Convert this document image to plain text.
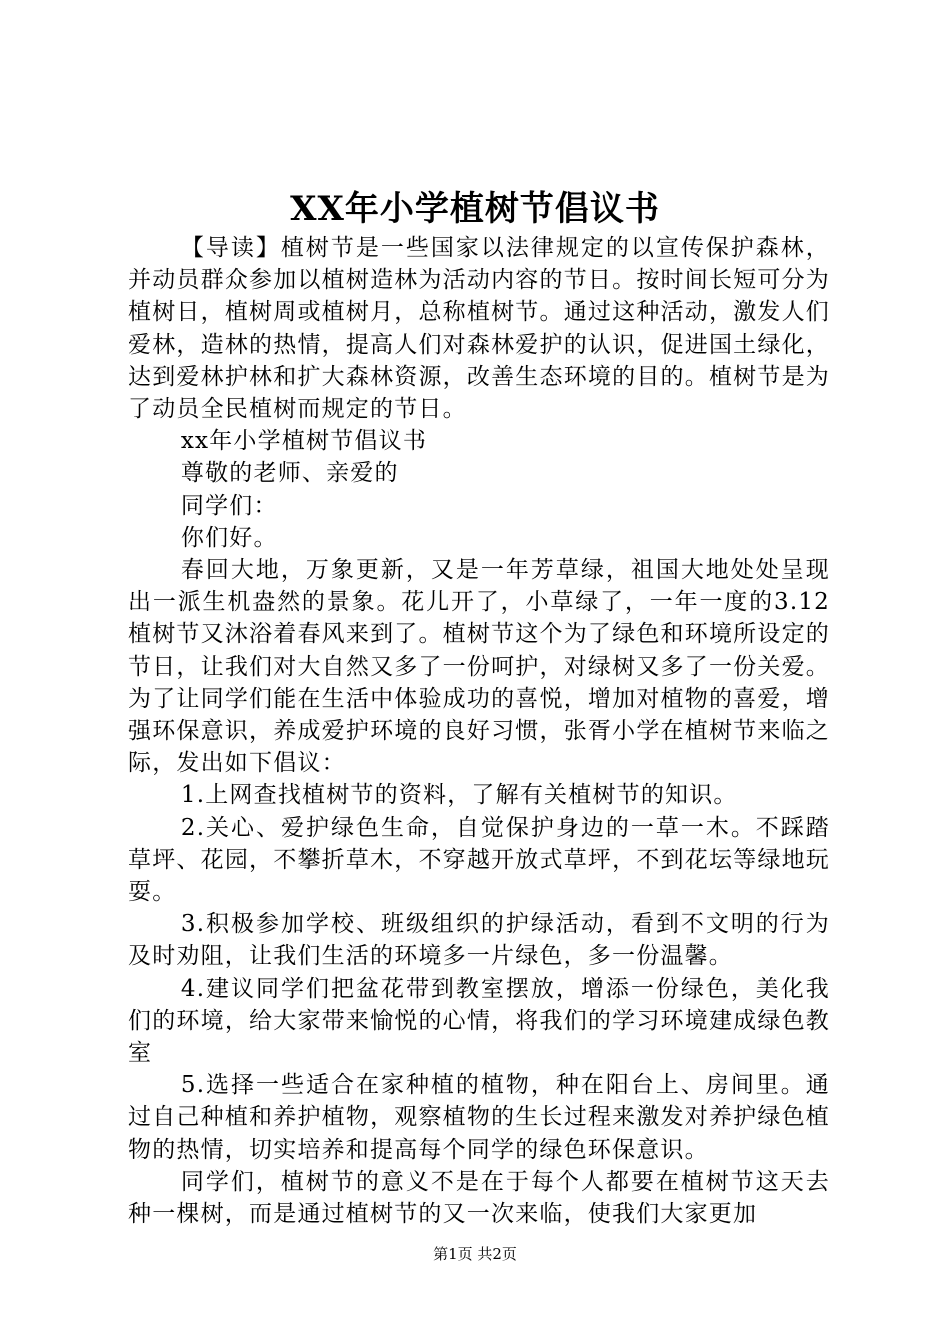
XX年小学植树节倡议书

【导读】植树节是一些国家以法律规定的以宣传保护森林，并动员群众参加以植树造林为活动内容的节日。按时间长短可分为植树日，植树周或植树月，总称植树节。通过这种活动，激发人们爱林，造林的热情，提高人们对森林爱护的认识，促进国土绿化，达到爱林护林和扩大森林资源，改善生态环境的目的。植树节是为了动员全民植树而规定的节日。

xx年小学植树节倡议书

尊敬的老师、亲爱的

同学们：

你们好。

春回大地，万象更新，又是一年芳草绿，祖国大地处处呈现出一派生机盎然的景象。花儿开了，小草绿了，一年一度的3.12植树节又沐浴着春风来到了。植树节这个为了绿色和环境所设定的节日，让我们对大自然又多了一份呵护，对绿树又多了一份关爱。为了让同学们能在生活中体验成功的喜悦，增加对植物的喜爱，增强环保意识，养成爱护环境的良好习惯，张胥小学在植树节来临之际，发出如下倡议：

1.上网查找植树节的资料，了解有关植树节的知识。

2.关心、爱护绿色生命，自觉保护身边的一草一木。不踩踏草坪、花园，不攀折草木，不穿越开放式草坪，不到花坛等绿地玩耍。

3.积极参加学校、班级组织的护绿活动，看到不文明的行为及时劝阻，让我们生活的环境多一片绿色，多一份温馨。

4.建议同学们把盆花带到教室摆放，增添一份绿色，美化我们的环境，给大家带来愉悦的心情，将我们的学习环境建成绿色教室

5.选择一些适合在家种植的植物，种在阳台上、房间里。通过自己种植和养护植物，观察植物的生长过程来激发对养护绿色植物的热情，切实培养和提高每个同学的绿色环保意识。

同学们，植树节的意义不是在于每个人都要在植树节这天去种一棵树，而是通过植树节的又一次来临，使我们大家更加

第1页 共2页
